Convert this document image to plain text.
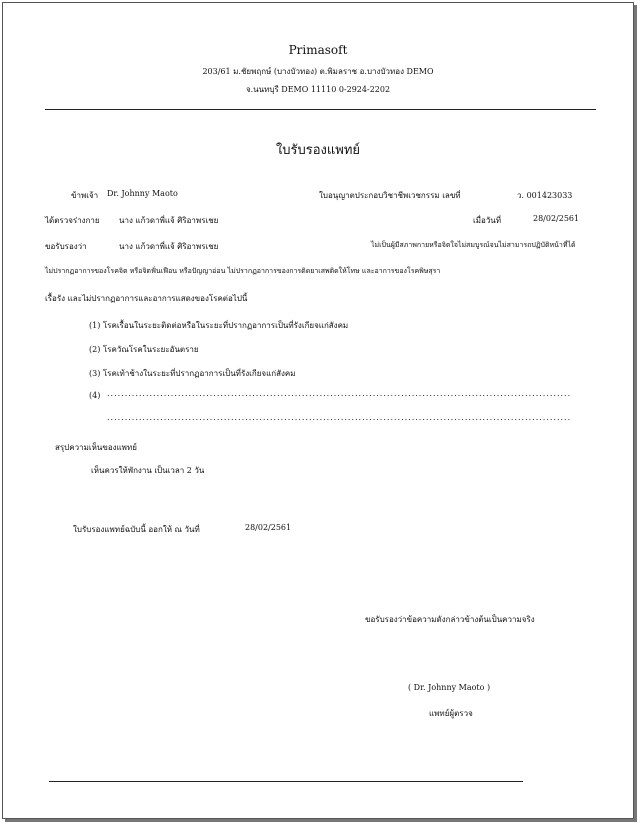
Primasoft
203/61 ม.ชัยพฤกษ์ (บางบัวทอง) ต.พิมลราช อ.บางบัวทอง DEMO
จ.นนทบุรี DEMO 11110 0-2924-2202
ใบรับรองแพทย์
ข้าพเจ้า Dr. Johnny Maoto	ใบอนุญาตประกอบวิชาชีพเวชกรรม เลขที่	ว. 001423033
ได้ตรวจร่างกาย นาง แก้วดาพี่แจ้ ศิริอาพรเชย	เมื่อวันที่	28/02/2561
ขอรับรองว่า	นาง แก้วดาพี่แจ้ ศิริอาพรเชย	ไม่เป็นผู้มีสภาพกายหรือจิตใจไม่สมบูรณ์จนไม่สามารถปฏิบัติหน้าที่ได้
ไม่ปรากฏอาการของโรคจิต หรือจิตฟั่นเฟือน หรือปัญญาอ่อน ไม่ปรากฏอาการของการติดยาเสพติดให้โทษ และอาการของโรคพิษสุรา
เรื้อรัง และไม่ปรากฏอาการและอาการแสดงของโรคต่อไปนี้
(1) โรคเรื้อนในระยะติดต่อหรือในระยะที่ปรากฏอาการเป็นที่รังเกียจแก่สังคม
(2) โรควัณโรคในระยะอันตราย
(3) โรคเท้าช้างในระยะที่ปรากฏอาการเป็นที่รังเกียจแก่สังคม
(4) ...................................................................................................................................
...................................................................................................................................
สรุปความเห็นของแพทย์
เห็นควรให้พักงาน เป็นเวลา 2 วัน
ใบรับรองแพทย์ฉบับนี้ ออกให้ ณ วันที่	28/02/2561
ขอรับรองว่าข้อความดังกล่าวข้างต้นเป็นความจริง
( Dr. Johnny Maoto )
แพทย์ผู้ตรวจ
